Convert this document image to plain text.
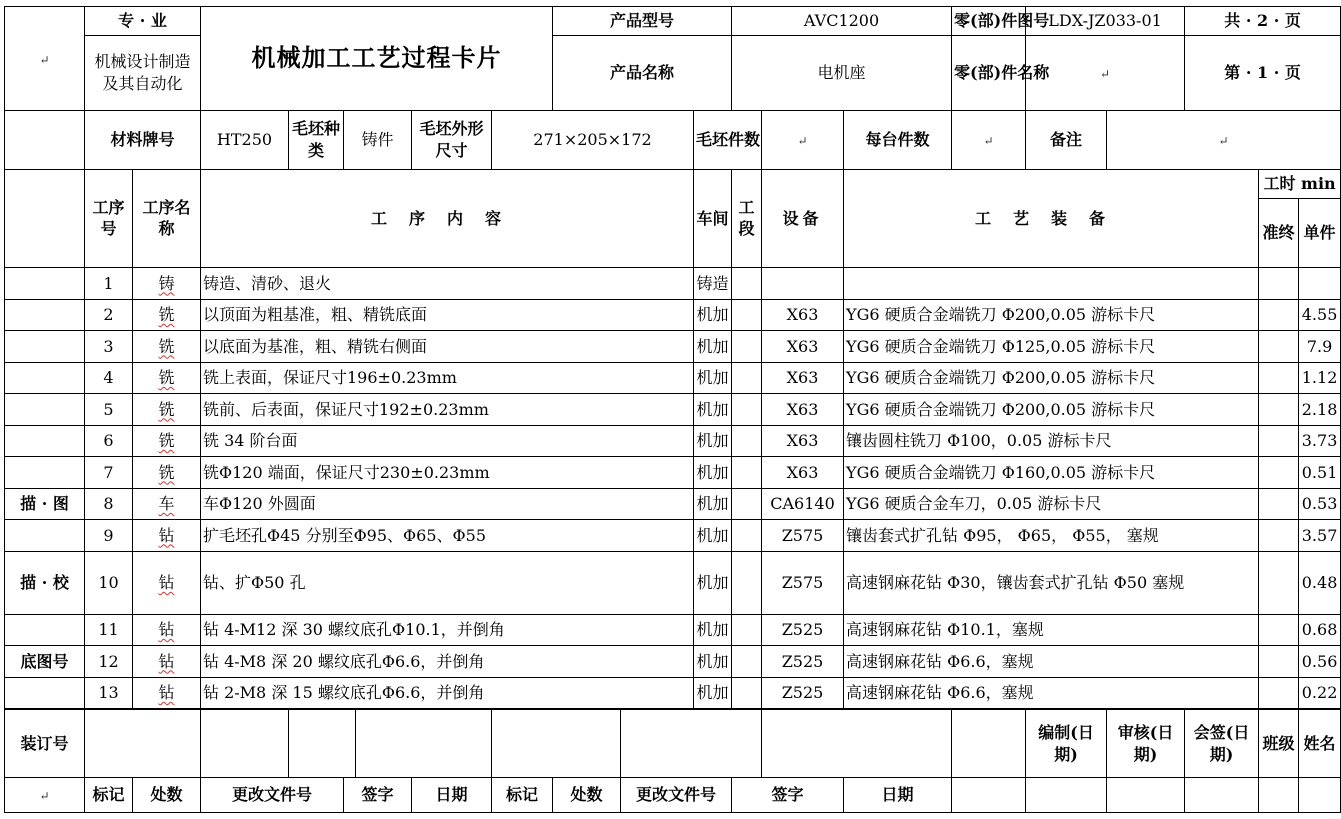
↵	专 · 业		机械加工工艺过程卡片						产品型号			AVC1200			零(部)件图号	LDX-JZ033-01		共 · 2 · 页		
	机械设计制造及其自动化								产品名称			电机座			零(部)件名称	↵		第 · 1 · 页		
	材料牌号		HT250	毛坯种类	铸件		毛坯外形尺寸	271×205×172			毛坯件数		↵	每台件数	↵	备注	↵			
	工序号	工序名称	工序内容								车间	工段	设备	工艺装备					工时 min	
																			准终	单件
	1	铸	铸造、清砂、退火								铸造									
	2	铣	以顶面为粗基准，粗、精铣底面								机加		X63	YG6 硬质合金端铣刀 Φ200,0.05 游标卡尺						4.55
	3	铣	以底面为基准，粗、精铣右侧面								机加		X63	YG6 硬质合金端铣刀 Φ125,0.05 游标卡尺						7.9
	4	铣	铣上表面，保证尺寸196±0.23mm								机加		X63	YG6 硬质合金端铣刀 Φ200,0.05 游标卡尺						1.12
	5	铣	铣前、后表面，保证尺寸192±0.23mm								机加		X63	YG6 硬质合金端铣刀 Φ200,0.05 游标卡尺						2.18
	6	铣	铣 34 阶台面								机加		X63	镶齿圆柱铣刀 Φ100，0.05 游标卡尺						3.73
	7	铣	铣Φ120 端面，保证尺寸230±0.23mm								机加		X63	YG6 硬质合金端铣刀 Φ160,0.05 游标卡尺						0.51
描 · 图	8	车	车Φ120 外圆面								机加		CA6140	YG6 硬质合金车刀，0.05 游标卡尺						0.53
	9	钻	扩毛坯孔Φ45 分别至Φ95、Φ65、Φ55								机加		Z575	镶齿套式扩孔钻 Φ95， Φ65， Φ55， 塞规						3.57
描 · 校	10	钻	钻、扩Φ50 孔								机加		Z575	高速钢麻花钻 Φ30，镶齿套式扩孔钻 Φ50 塞规						0.48
	11	钻	钻 4-M12 深 30 螺纹底孔Φ10.1，并倒角								机加		Z525	高速钢麻花钻 Φ10.1，塞规						0.68
底图号	12	钻	钻 4-M8 深 20 螺纹底孔Φ6.6，并倒角								机加		Z525	高速钢麻花钻 Φ6.6，塞规						0.56
	13	钻	钻 2-M8 深 15 螺纹底孔Φ6.6，并倒角								机加		Z525	高速钢麻花钻 Φ6.6，塞规						0.22
装订号																编制(日期)	审核(日期)	会签(日期)	班级	姓名
↵	标记	处数	更改文件号		签字		日期	标记	处数	更改文件号		签字		日期						
